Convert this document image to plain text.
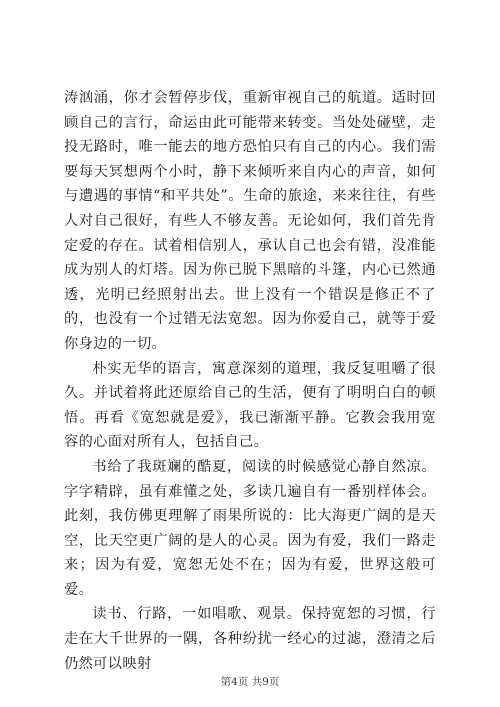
涛汹涌，你才会暂停步伐，重新审视自己的航道。适时回顾自己的言行，命运由此可能带来转变。当处处碰壁，走投无路时，唯一能去的地方恐怕只有自己的内心。我们需要每天冥想两个小时，静下来倾听来自内心的声音，如何与遭遇的事情“和平共处”。生命的旅途，来来往往，有些人对自己很好，有些人不够友善。无论如何，我们首先肯定爱的存在。试着相信别人，承认自己也会有错，没准能成为别人的灯塔。因为你已脱下黑暗的斗篷，内心已然通透，光明已经照射出去。世上没有一个错误是修正不了的，也没有一个过错无法宽恕。因为你爱自己，就等于爱你身边的一切。

朴实无华的语言，寓意深刻的道理，我反复咀嚼了很久。并试着将此还原给自己的生活，便有了明明白白的顿悟。再看《宽恕就是爱》，我已渐渐平静。它教会我用宽容的心面对所有人，包括自己。

书给了我斑斓的酷夏，阅读的时候感觉心静自然凉。字字精辟，虽有难懂之处，多读几遍自有一番别样体会。此刻，我仿佛更理解了雨果所说的：比大海更广阔的是天空，比天空更广阔的是人的心灵。因为有爱，我们一路走来；因为有爱，宽恕无处不在；因为有爱，世界这般可爱。

读书、行路，一如唱歌、观景。保持宽恕的习惯，行走在大千世界的一隅，各种纷扰一经心的过滤，澄清之后仍然可以映射

第4页 共9页
